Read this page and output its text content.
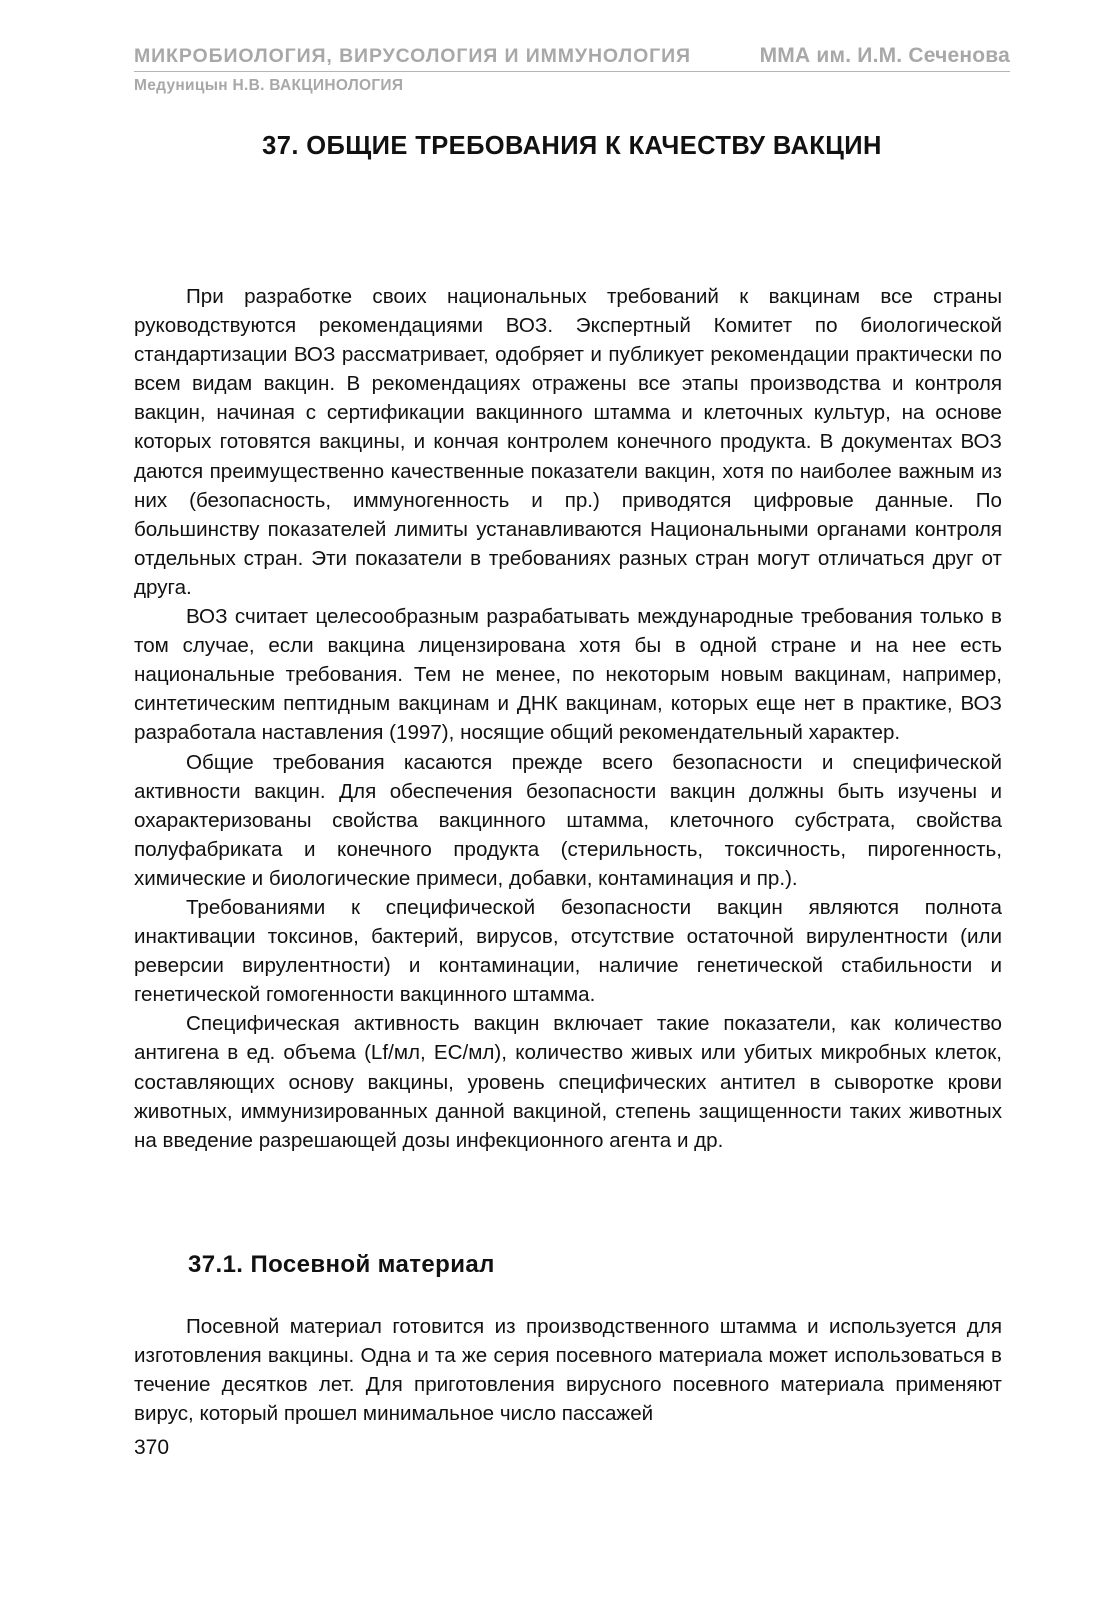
МИКРОБИОЛОГИЯ, ВИРУСОЛОГИЯ И ИММУНОЛОГИЯ	ММА им. И.М. Сеченова
Медуницын Н.В. ВАКЦИНОЛОГИЯ
37. ОБЩИЕ ТРЕБОВАНИЯ К КАЧЕСТВУ ВАКЦИН

При разработке своих национальных требований к вакцинам все страны руководствуются рекомендациями ВОЗ. Экспертный Комитет по биологической стандартизации ВОЗ рассматривает, одобряет и публикует рекомендации практически по всем видам вакцин. В рекомендациях отражены все этапы производства и контроля вакцин, начиная с сертификации вакцинного штамма и клеточных культур, на основе которых готовятся вакцины, и кончая контролем конечного продукта. В документах ВОЗ даются преимущественно качественные показатели вакцин, хотя по наиболее важным из них (безопасность, иммуногенность и пр.) приводятся цифровые данные. По большинству показателей лимиты устанавливаются Национальными органами контроля отдельных стран. Эти показатели в требованиях разных стран могут отличаться друг от друга.

ВОЗ считает целесообразным разрабатывать международные требования только в том случае, если вакцина лицензирована хотя бы в одной стране и на нее есть национальные требования. Тем не менее, по некоторым новым вакцинам, например, синтетическим пептидным вакцинам и ДНК вакцинам, которых еще нет в практике, ВОЗ разработала наставления (1997), носящие общий рекомендательный характер.

Общие требования касаются прежде всего безопасности и специфической активности вакцин. Для обеспечения безопасности вакцин должны быть изучены и охарактеризованы свойства вакцинного штамма, клеточного субстрата, свойства полуфабриката и конечного продукта (стерильность, токсичность, пирогенность, химические и биологические примеси, добавки, контаминация и пр.).

Требованиями к специфической безопасности вакцин являются полнота инактивации токсинов, бактерий, вирусов, отсутствие остаточной вирулентности (или реверсии вирулентности) и контаминации, наличие генетической стабильности и генетической гомогенности вакцинного штамма.

Специфическая активность вакцин включает такие показатели, как количество антигена в ед. объема (Lf/мл, EC/мл), количество живых или убитых микробных клеток, составляющих основу вакцины, уровень специфических антител в сыворотке крови животных, иммунизированных данной вакциной, степень защищенности таких животных на введение разрешающей дозы инфекционного агента и др.

37.1. Посевной материал

Посевной материал готовится из производственного штамма и используется для изготовления вакцины. Одна и та же серия посевного материала может использоваться в течение десятков лет. Для приготовления вирусного посевного материала применяют вирус, который прошел минимальное число пассажей

370
